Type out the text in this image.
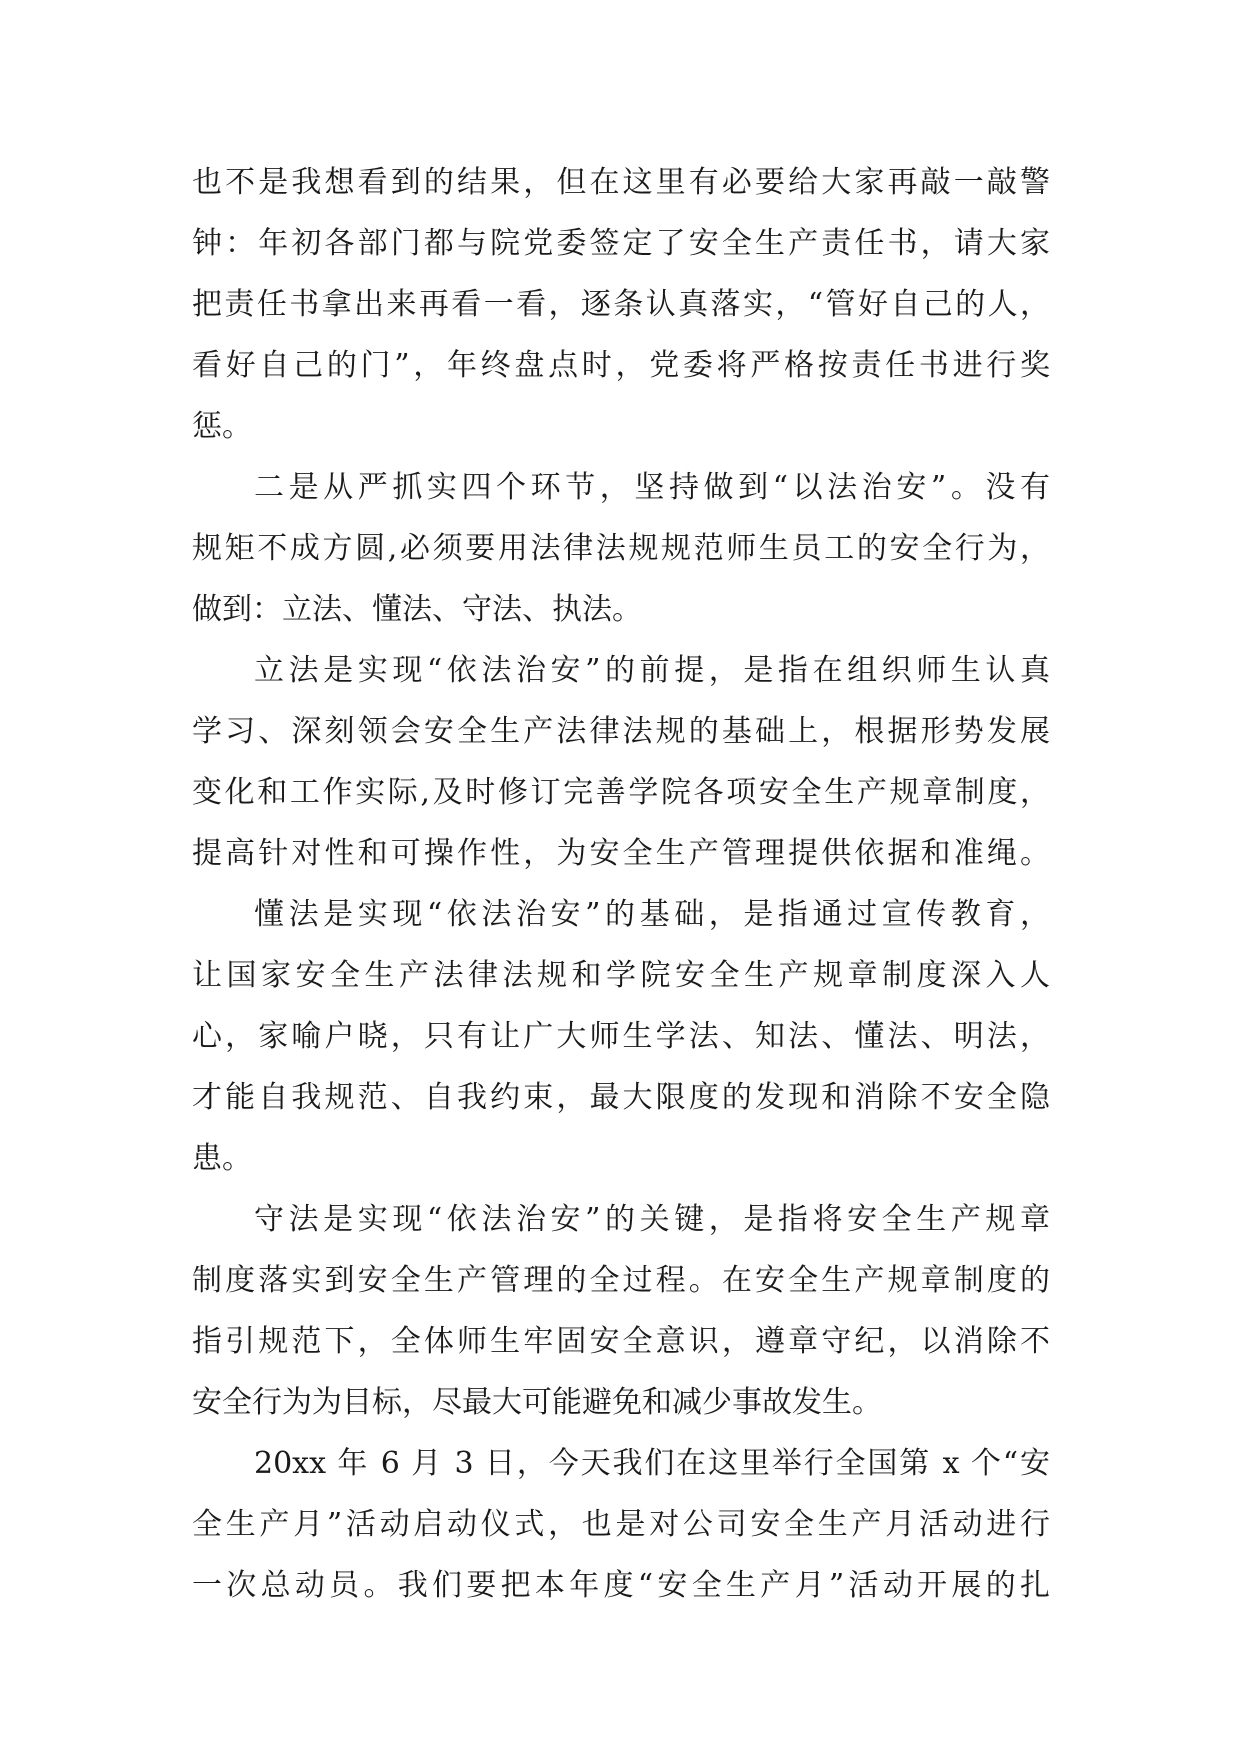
也不是我想看到的结果，但在这里有必要给大家再敲一敲警
钟：年初各部门都与院党委签定了安全生产责任书，请大家
把责任书拿出来再看一看，逐条认真落实，“管好自己的人，
看好自己的门”，年终盘点时，党委将严格按责任书进行奖
惩。
二是从严抓实四个环节，坚持做到“以法治安”。没有
规矩不成方圆,必须要用法律法规规范师生员工的安全行为，
做到：立法、懂法、守法、执法。
立法是实现“依法治安”的前提，是指在组织师生认真
学习、深刻领会安全生产法律法规的基础上，根据形势发展
变化和工作实际,及时修订完善学院各项安全生产规章制度，
提高针对性和可操作性，为安全生产管理提供依据和准绳。
懂法是实现“依法治安”的基础，是指通过宣传教育，
让国家安全生产法律法规和学院安全生产规章制度深入人
心，家喻户晓，只有让广大师生学法、知法、懂法、明法，
才能自我规范、自我约束，最大限度的发现和消除不安全隐
患。
守法是实现“依法治安”的关键，是指将安全生产规章
制度落实到安全生产管理的全过程。在安全生产规章制度的
指引规范下，全体师生牢固安全意识，遵章守纪，以消除不
安全行为为目标，尽最大可能避免和减少事故发生。
20xx 年 6 月 3 日，今天我们在这里举行全国第 x 个“安
全生产月”活动启动仪式，也是对公司安全生产月活动进行
一次总动员。我们要把本年度“安全生产月”活动开展的扎
